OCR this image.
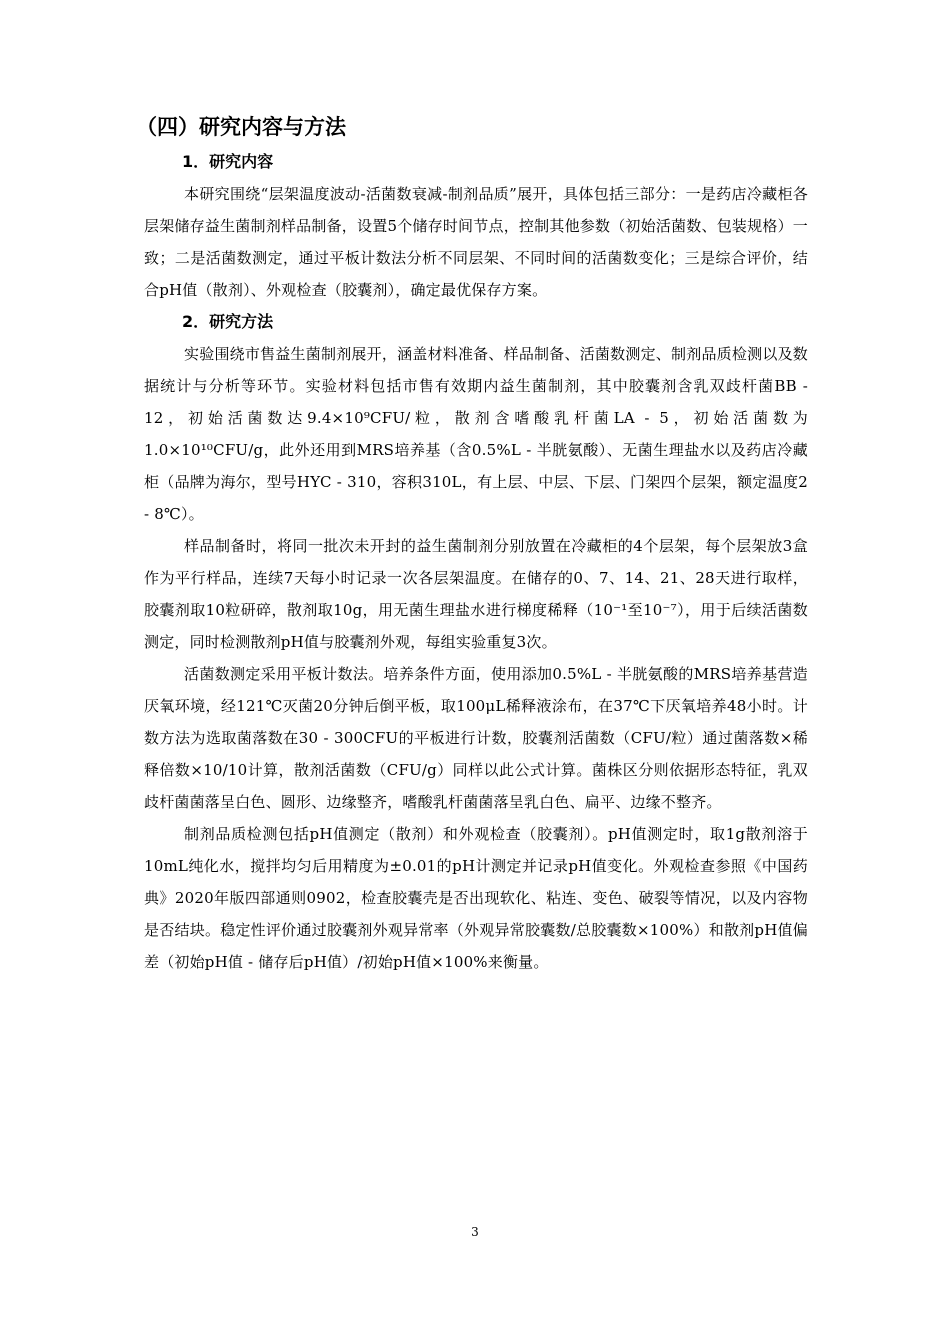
（四）研究内容与方法
1．研究内容

本研究围绕“层架温度波动-活菌数衰减-制剂品质”展开，具体包括三部分：一是药店冷藏柜各层架储存益生菌制剂样品制备，设置5个储存时间节点，控制其他参数（初始活菌数、包装规格）一致；二是活菌数测定，通过平板计数法分析不同层架、不同时间的活菌数变化；三是综合评价，结合pH值（散剂）、外观检查（胶囊剂），确定最优保存方案。

2．研究方法

实验围绕市售益生菌制剂展开，涵盖材料准备、样品制备、活菌数测定、制剂品质检测以及数据统计与分析等环节。实验材料包括市售有效期内益生菌制剂，其中胶囊剂含乳双歧杆菌BB - 12，初始活菌数达9.4×10⁹CFU/粒，散剂含嗜酸乳杆菌LA - 5，初始活菌数为1.0×10¹⁰CFU/g，此外还用到MRS培养基（含0.5%L - 半胱氨酸）、无菌生理盐水以及药店冷藏柜（品牌为海尔，型号HYC - 310，容积310L，有上层、中层、下层、门架四个层架，额定温度2 - 8℃）。

样品制备时，将同一批次未开封的益生菌制剂分别放置在冷藏柜的4个层架，每个层架放3盒作为平行样品，连续7天每小时记录一次各层架温度。在储存的0、7、14、21、28天进行取样，胶囊剂取10粒研碎，散剂取10g，用无菌生理盐水进行梯度稀释（10⁻¹至10⁻⁷），用于后续活菌数测定，同时检测散剂pH值与胶囊剂外观，每组实验重复3次。

活菌数测定采用平板计数法。培养条件方面，使用添加0.5%L - 半胱氨酸的MRS培养基营造厌氧环境，经121℃灭菌20分钟后倒平板，取100μL稀释液涂布，在37℃下厌氧培养48小时。计数方法为选取菌落数在30 - 300CFU的平板进行计数，胶囊剂活菌数（CFU/粒）通过菌落数×稀释倍数×10/10计算，散剂活菌数（CFU/g）同样以此公式计算。菌株区分则依据形态特征，乳双歧杆菌菌落呈白色、圆形、边缘整齐，嗜酸乳杆菌菌落呈乳白色、扁平、边缘不整齐。

制剂品质检测包括pH值测定（散剂）和外观检查（胶囊剂）。pH值测定时，取1g散剂溶于10mL纯化水，搅拌均匀后用精度为±0.01的pH计测定并记录pH值变化。外观检查参照《中国药典》2020年版四部通则0902，检查胶囊壳是否出现软化、粘连、变色、破裂等情况，以及内容物是否结块。稳定性评价通过胶囊剂外观异常率（外观异常胶囊数/总胶囊数×100%）和散剂pH值偏差（初始pH值 - 储存后pH值）/初始pH值×100%来衡量。

3
